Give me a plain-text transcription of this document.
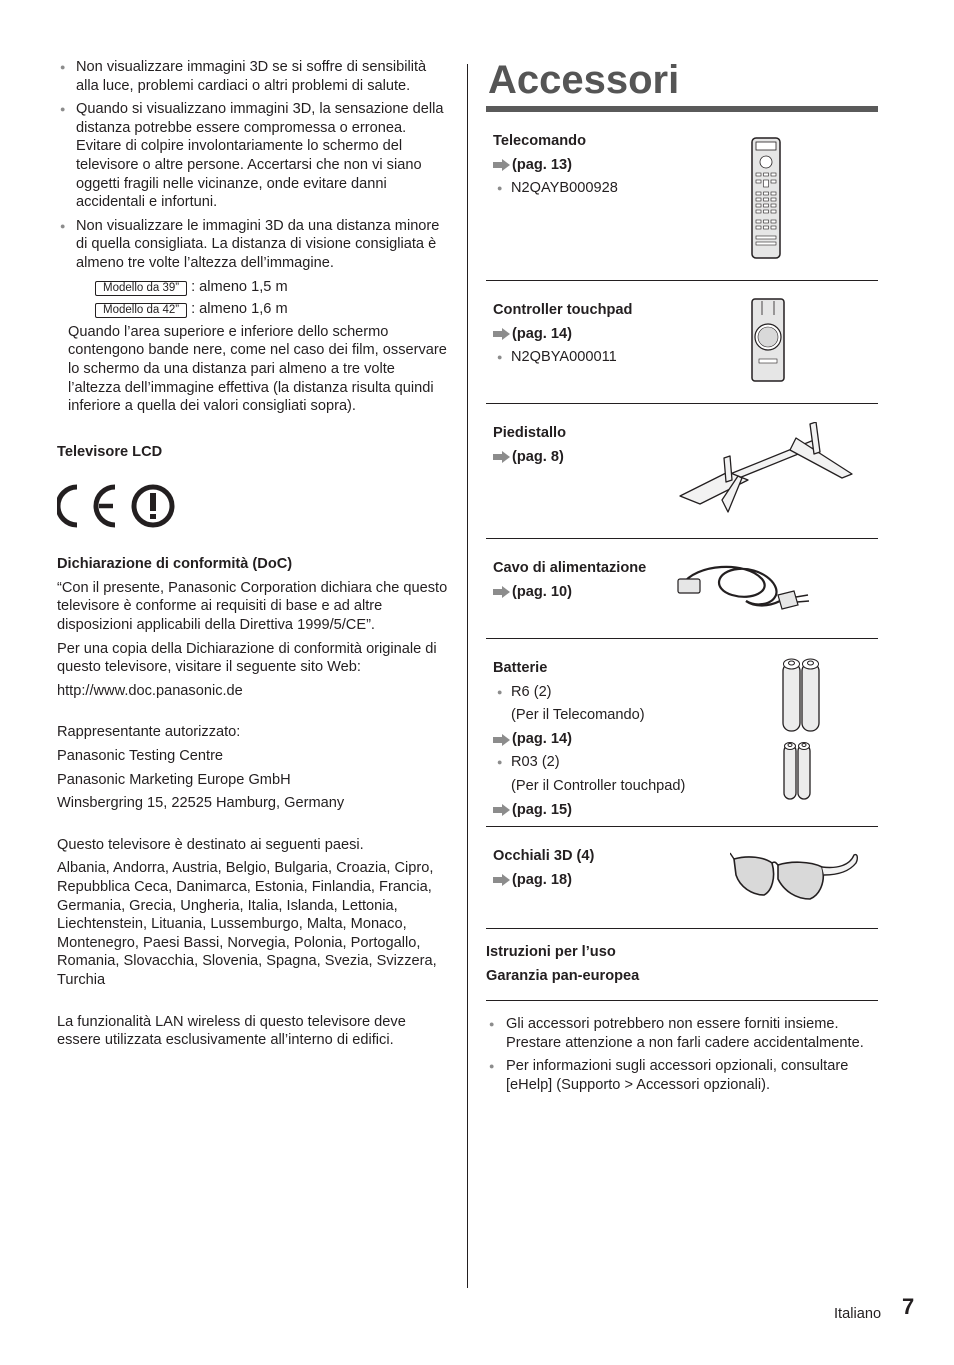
● Non visualizzare immagini 3D se si soffre di sensibilità alla luce, problemi cardiaci o altri problemi di salute.

● Quando si visualizzano immagini 3D, la sensazione della distanza potrebbe essere compromessa o erronea. Evitare di colpire involontariamente lo schermo del televisore o altre persone. Accertarsi che non vi siano oggetti fragili nelle vicinanze, onde evitare danni accidentali e infortuni.

● Non visualizzare le immagini 3D da una distanza minore di quella consigliata. La distanza di visione consigliata è almeno tre volte l’altezza dell’immagine.

Modello da 39” : almeno 1,5 m
Modello da 42” : almeno 1,6 m

Quando l’area superiore e inferiore dello schermo contengono bande nere, come nel caso dei film, osservare lo schermo da una distanza pari almeno a tre volte l’altezza dell’immagine effettiva (la distanza risulta quindi inferiore a quella dei valori consigliati sopra).

Televisore LCD

Dichiarazione di conformità (DoC)

“Con il presente, Panasonic Corporation dichiara che questo televisore è conforme ai requisiti di base e ad altre disposizioni applicabili della Direttiva 1999/5/CE”.

Per una copia della Dichiarazione di conformità originale di questo televisore, visitare il seguente sito Web:

http://www.doc.panasonic.de

Rappresentante autorizzato:

Panasonic Testing Centre

Panasonic Marketing Europe GmbH

Winsbergring 15, 22525 Hamburg, Germany

Questo televisore è destinato ai seguenti paesi.

Albania, Andorra, Austria, Belgio, Bulgaria, Croazia, Cipro, Repubblica Ceca, Danimarca, Estonia, Finlandia, Francia, Germania, Grecia, Ungheria, Italia, Islanda, Lettonia, Liechtenstein, Lituania, Lussemburgo, Malta, Monaco, Montenegro, Paesi Bassi, Norvegia, Polonia, Portogallo, Romania, Slovacchia, Slovenia, Spagna, Svezia, Svizzera, Turchia

La funzionalità LAN wireless di questo televisore deve essere utilizzata esclusivamente all’interno di edifici.

Accessori
Telecomando
(pag. 13)
● N2QAYB000928
Controller touchpad
(pag. 14)
● N2QBYA000011
Piedistallo
(pag. 8)
Cavo di alimentazione
(pag. 10)
Batterie
● R6 (2)
(Per il Telecomando)
(pag. 14)
● R03 (2)
(Per il Controller touchpad)
(pag. 15)
Occhiali 3D (4)
(pag. 18)
Istruzioni per l’uso
Garanzia pan-europea

● Gli accessori potrebbero non essere forniti insieme. Prestare attenzione a non farli cadere accidentalmente.

● Per informazioni sugli accessori opzionali, consultare [eHelp] (Supporto > Accessori opzionali).

Italiano 7
